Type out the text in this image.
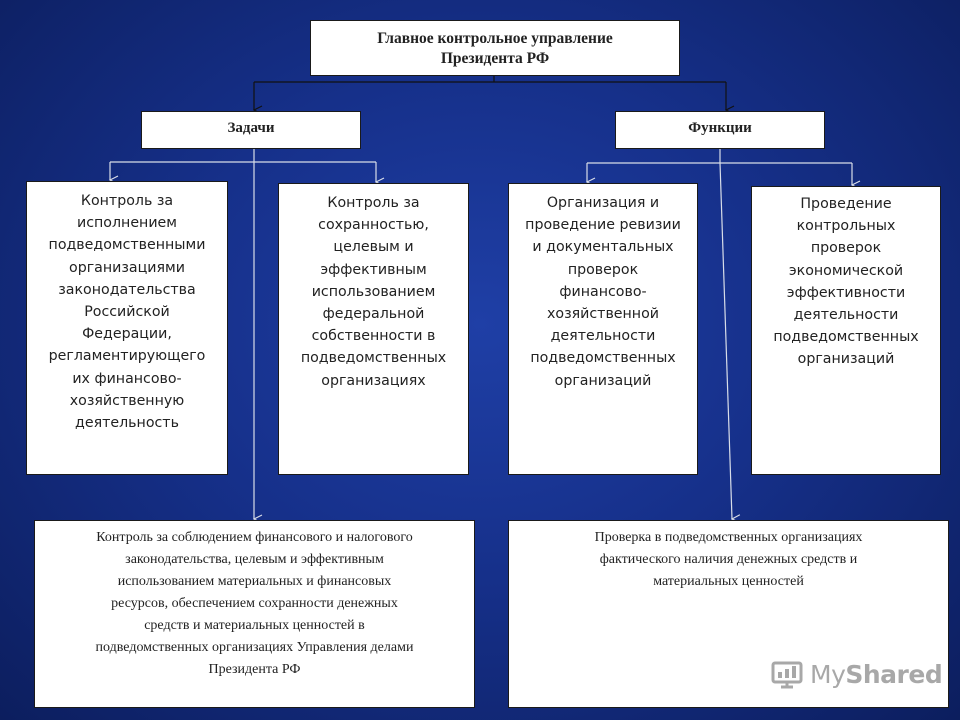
Главное контрольное управление
Президента РФ
Задачи	Функции
Контроль за
исполнением
подведомственными
организациями
законодательства
Российской
Федерации,
регламентирующего
их финансово-
хозяйственную
деятельность
Контроль за
сохранностью,
целевым и
эффективным
использованием
федеральной
собственности в
подведомственных
организациях
Организация и
проведение ревизии
и документальных
проверок
финансово-
хозяйственной
деятельности
подведомственных
организаций
Проведение
контрольных
проверок
экономической
эффективности
деятельности
подведомственных
организаций
Контроль за соблюдением финансового и налогового
законодательства, целевым и эффективным
использованием материальных и финансовых
ресурсов, обеспечением сохранности денежных
средств и материальных ценностей в
подведомственных организациях Управления делами
Президента РФ
Проверка в подведомственных организациях
фактического наличия денежных средств и
материальных ценностей
MyShared
